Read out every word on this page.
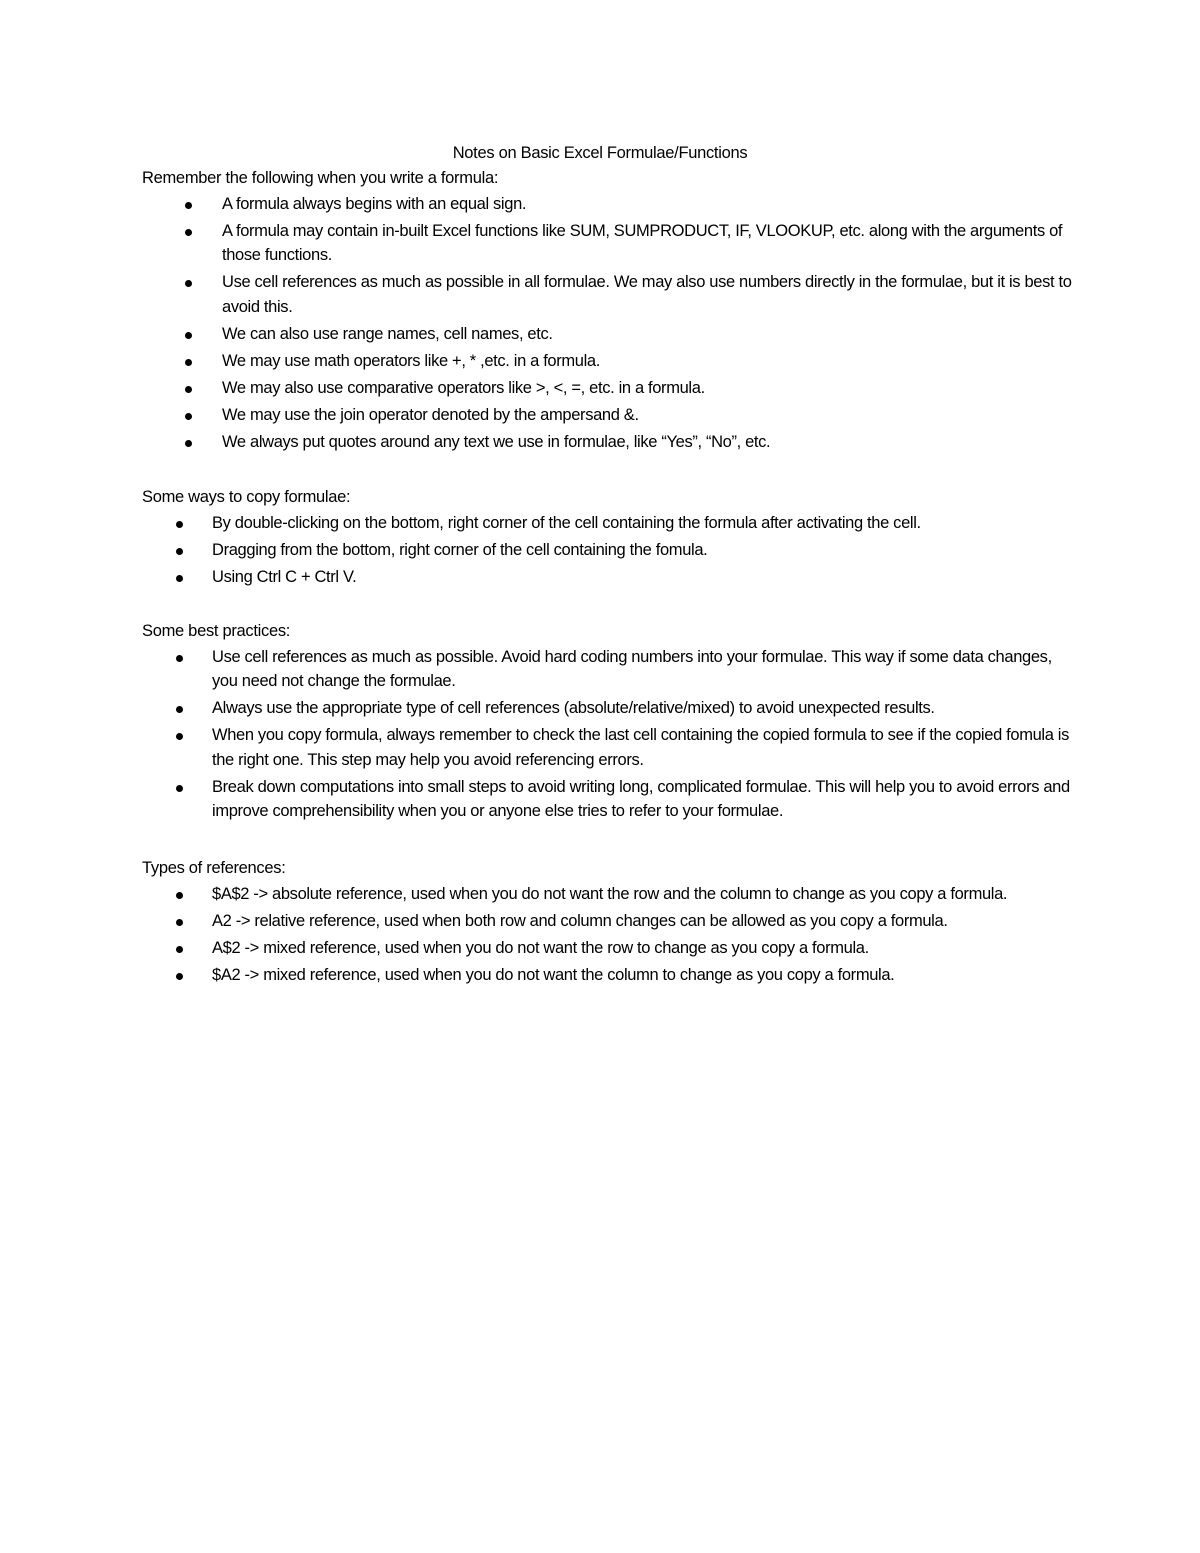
Notes on Basic Excel Formulae/Functions

Remember the following when you write a formula:

A formula always begins with an equal sign.
A formula may contain in-built Excel functions like SUM, SUMPRODUCT, IF, VLOOKUP, etc. along with the arguments of those functions.
Use cell references as much as possible in all formulae. We may also use numbers directly in the formulae, but it is best to avoid this.
We can also use range names, cell names, etc.
We may use math operators like +, * ,etc. in a formula.
We may also use comparative operators like >, <, =, etc. in a formula.
We may use the join operator denoted by the ampersand &.
We always put quotes around any text we use in formulae, like “Yes”, “No”, etc.

Some ways to copy formulae:

By double-clicking on the bottom, right corner of the cell containing the formula after activating the cell.
Dragging from the bottom, right corner of the cell containing the fomula.
Using Ctrl C + Ctrl V.

Some best practices:

Use cell references as much as possible. Avoid hard coding numbers into your formulae. This way if some data changes, you need not change the formulae.
Always use the appropriate type of cell references (absolute/relative/mixed) to avoid unexpected results.
When you copy formula, always remember to check the last cell containing the copied formula to see if the copied fomula is the right one. This step may help you avoid referencing errors.
Break down computations into small steps to avoid writing long, complicated formulae. This will help you to avoid errors and improve comprehensibility when you or anyone else tries to refer to your formulae.

Types of references:

$A$2 -> absolute reference, used when you do not want the row and the column to change as you copy a formula.
A2 -> relative reference, used when both row and column changes can be allowed as you copy a formula.
A$2 -> mixed reference, used when you do not want the row to change as you copy a formula.
$A2 -> mixed reference, used when you do not want the column to change as you copy a formula.
